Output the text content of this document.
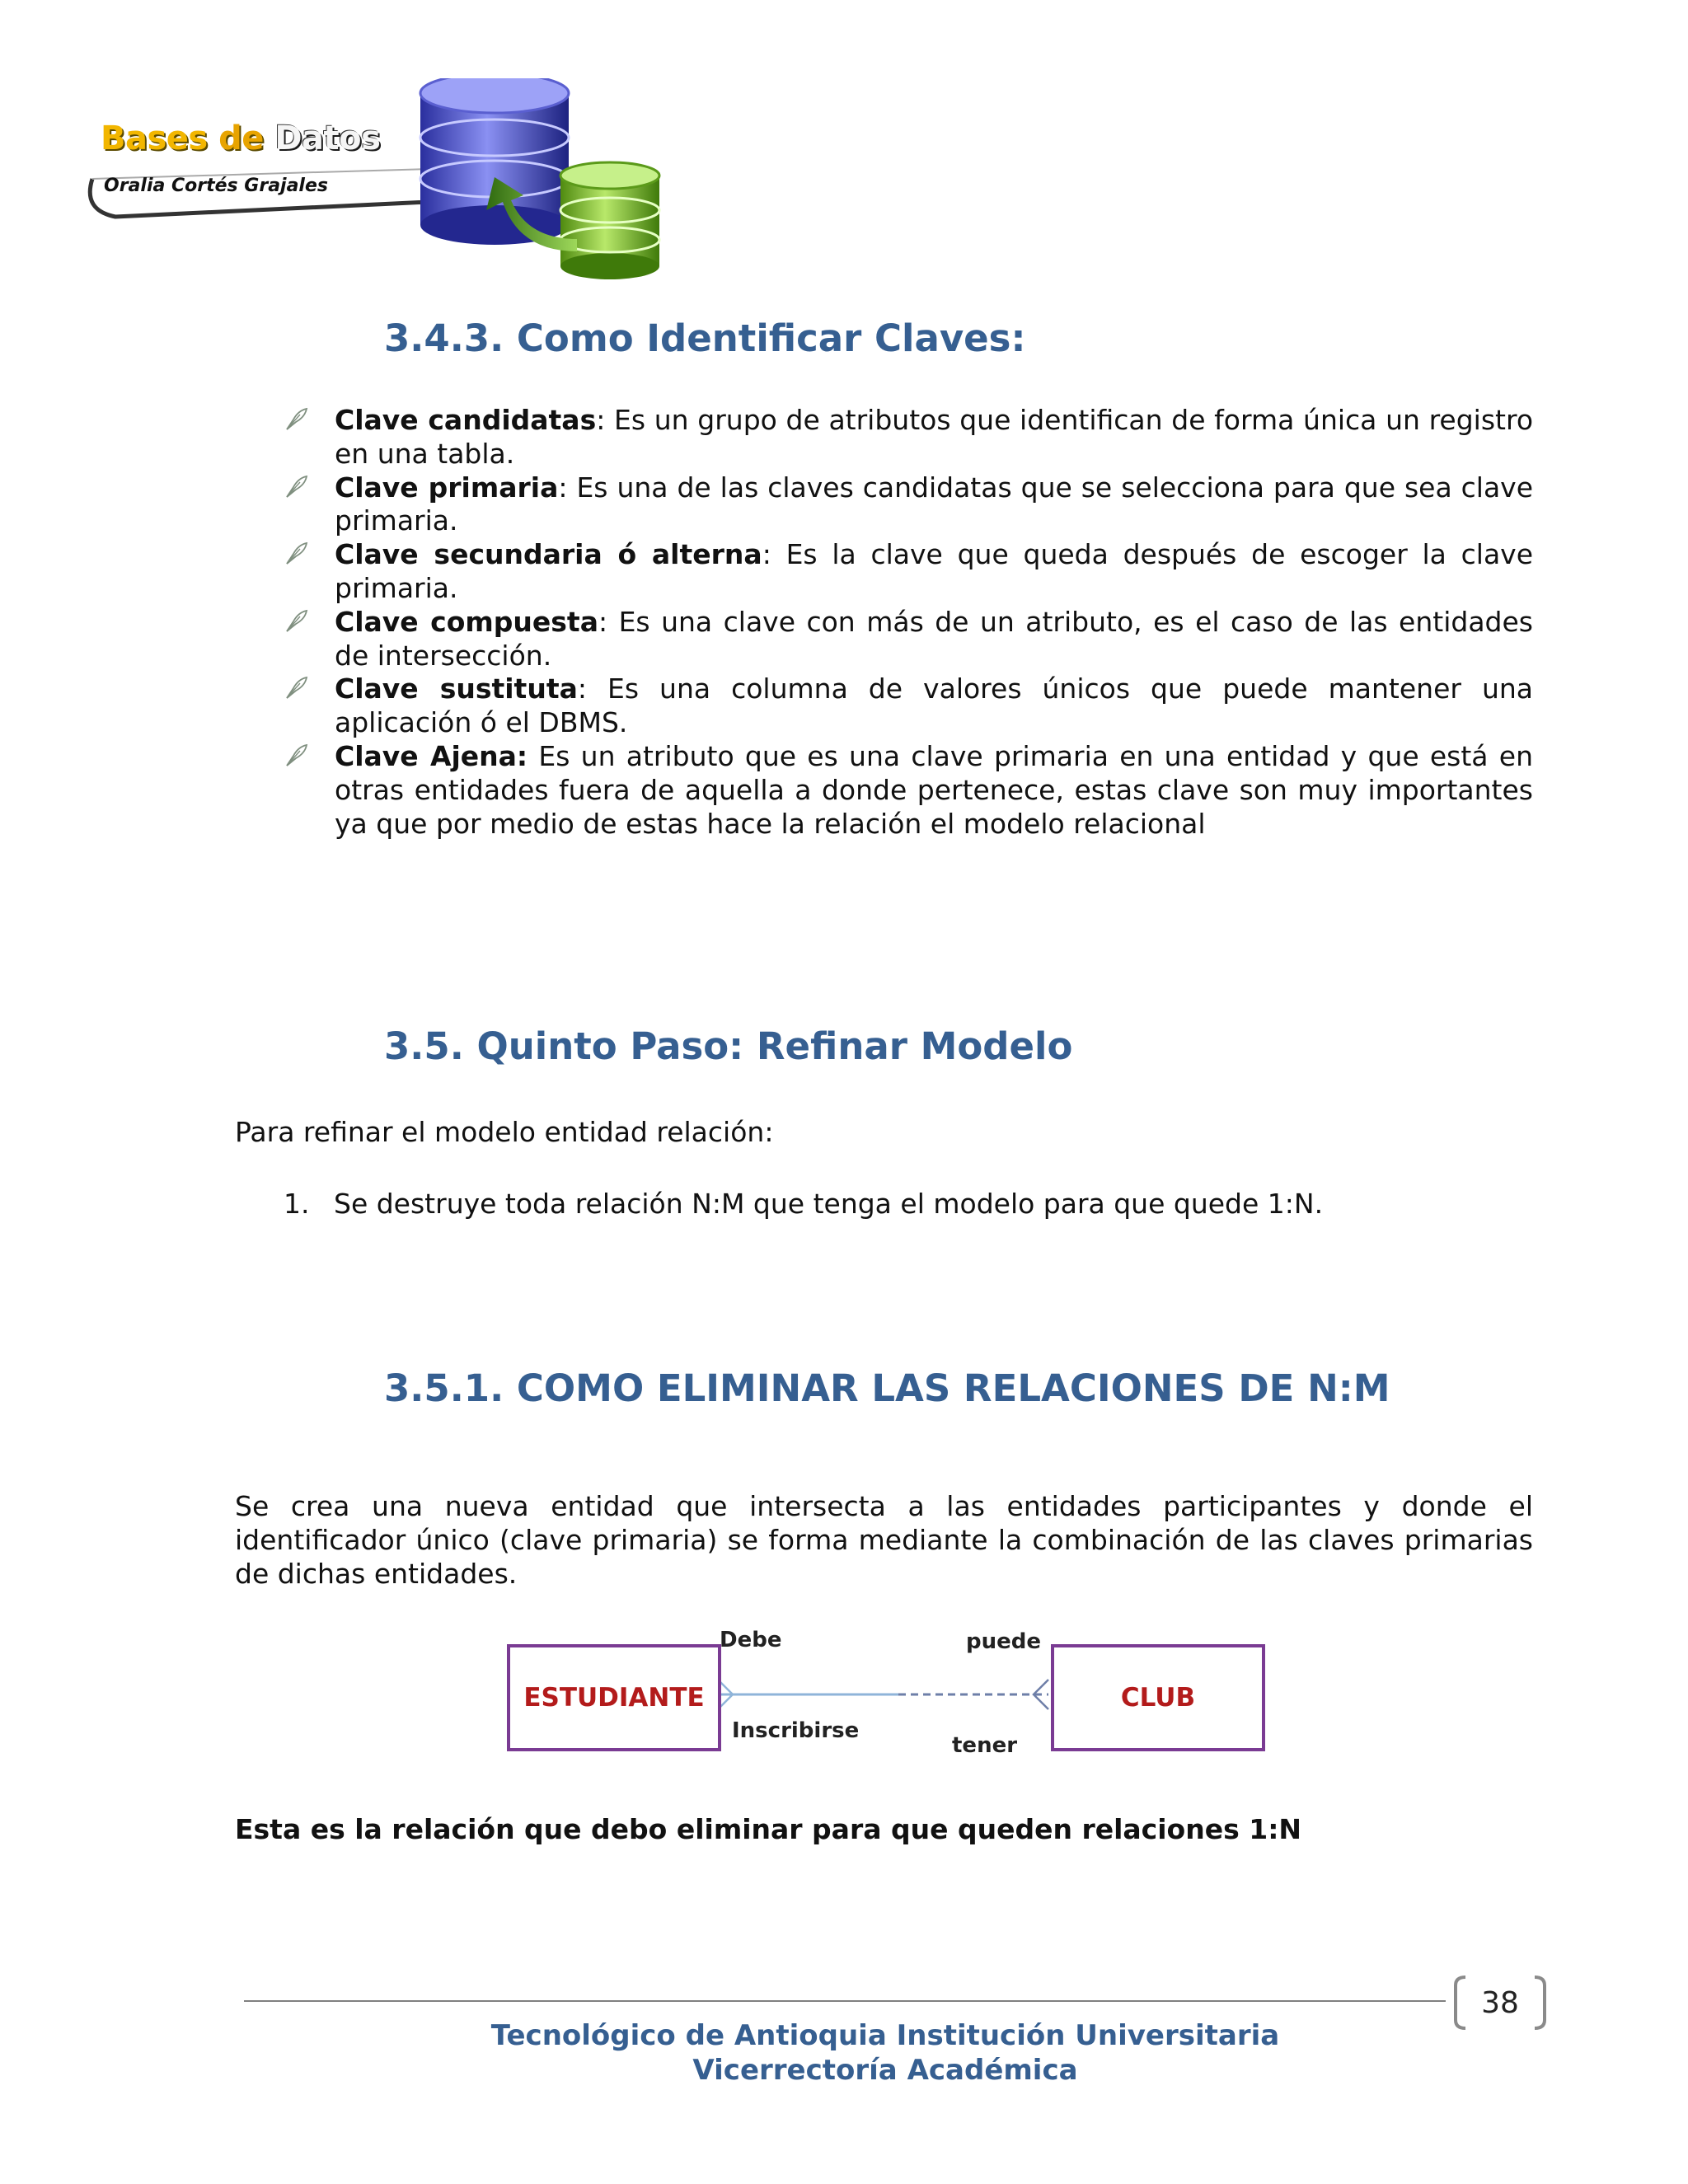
Bases de Datos
Oralia Cortés Grajales
3.4.3. Como Identificar Claves:
Clave candidatas: Es un grupo de atributos que identifican de forma única un registro en una tabla.
Clave primaria: Es una de las claves candidatas que se selecciona para que sea clave primaria.
Clave secundaria ó alterna: Es la clave que queda después de escoger la clave primaria.
Clave compuesta: Es una clave con más de un atributo, es el caso de las entidades de intersección.
Clave sustituta: Es una columna de valores únicos que puede mantener una aplicación ó el DBMS.
Clave Ajena: Es un atributo que es una clave primaria en una entidad y que está en otras entidades fuera de aquella a donde pertenece, estas clave son muy importantes ya que por medio de estas hace la relación el modelo relacional
3.5. Quinto Paso: Refinar Modelo
Para refinar el modelo entidad relación:
1. Se destruye toda relación N:M que tenga el modelo para que quede 1:N.
3.5.1. COMO ELIMINAR LAS RELACIONES DE N:M
Se crea una nueva entidad que intersecta a las entidades participantes y donde el identificador único (clave primaria) se forma mediante la combinación de las claves primarias de dichas entidades.
ESTUDIANTE	CLUB
Debe	puede
Inscribirse
tener
Esta es la relación que debo eliminar para que queden relaciones 1:N
38
Tecnológico de Antioquia Institución Universitaria
Vicerrectoría Académica
